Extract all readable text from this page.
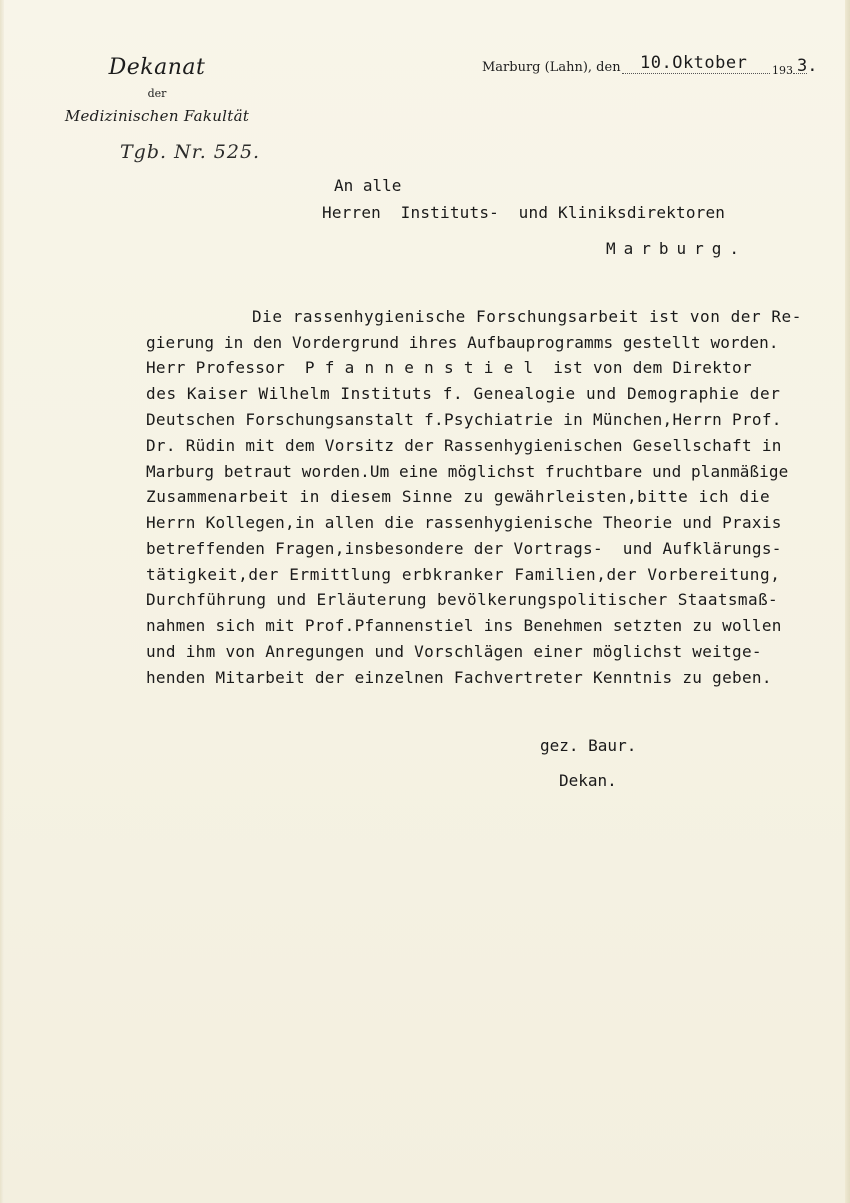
Dekanat
der
Medizinischen Fakultät
Tgb. Nr. 525.
Marburg (Lahn), den 10.Oktober 193 3.
An alle
Herren  Instituts-  und Kliniksdirektoren
Marburg.
Die rassenhygienische Forschungsarbeit ist von der Re-
gierung in den Vordergrund ihres Aufbauprogramms gestellt worden.
Herr Professor  P f a n n e n s t i e l  ist von dem Direktor
des Kaiser Wilhelm Instituts f. Genealogie und Demographie der
Deutschen Forschungsanstalt f.Psychiatrie in München,Herrn Prof.
Dr. Rüdin mit dem Vorsitz der Rassenhygienischen Gesellschaft in
Marburg betraut worden.Um eine möglichst fruchtbare und planmäßige
Zusammenarbeit in diesem Sinne zu gewährleisten,bitte ich die
Herrn Kollegen,in allen die rassenhygienische Theorie und Praxis
betreffenden Fragen,insbesondere der Vortrags-  und Aufklärungs-
tätigkeit,der Ermittlung erbkranker Familien,der Vorbereitung,
Durchführung und Erläuterung bevölkerungspolitischer Staatsmaß-
nahmen sich mit Prof.Pfannenstiel ins Benehmen setzten zu wollen
und ihm von Anregungen und Vorschlägen einer möglichst weitge-
henden Mitarbeit der einzelnen Fachvertreter Kenntnis zu geben.
gez. Baur.
Dekan.
